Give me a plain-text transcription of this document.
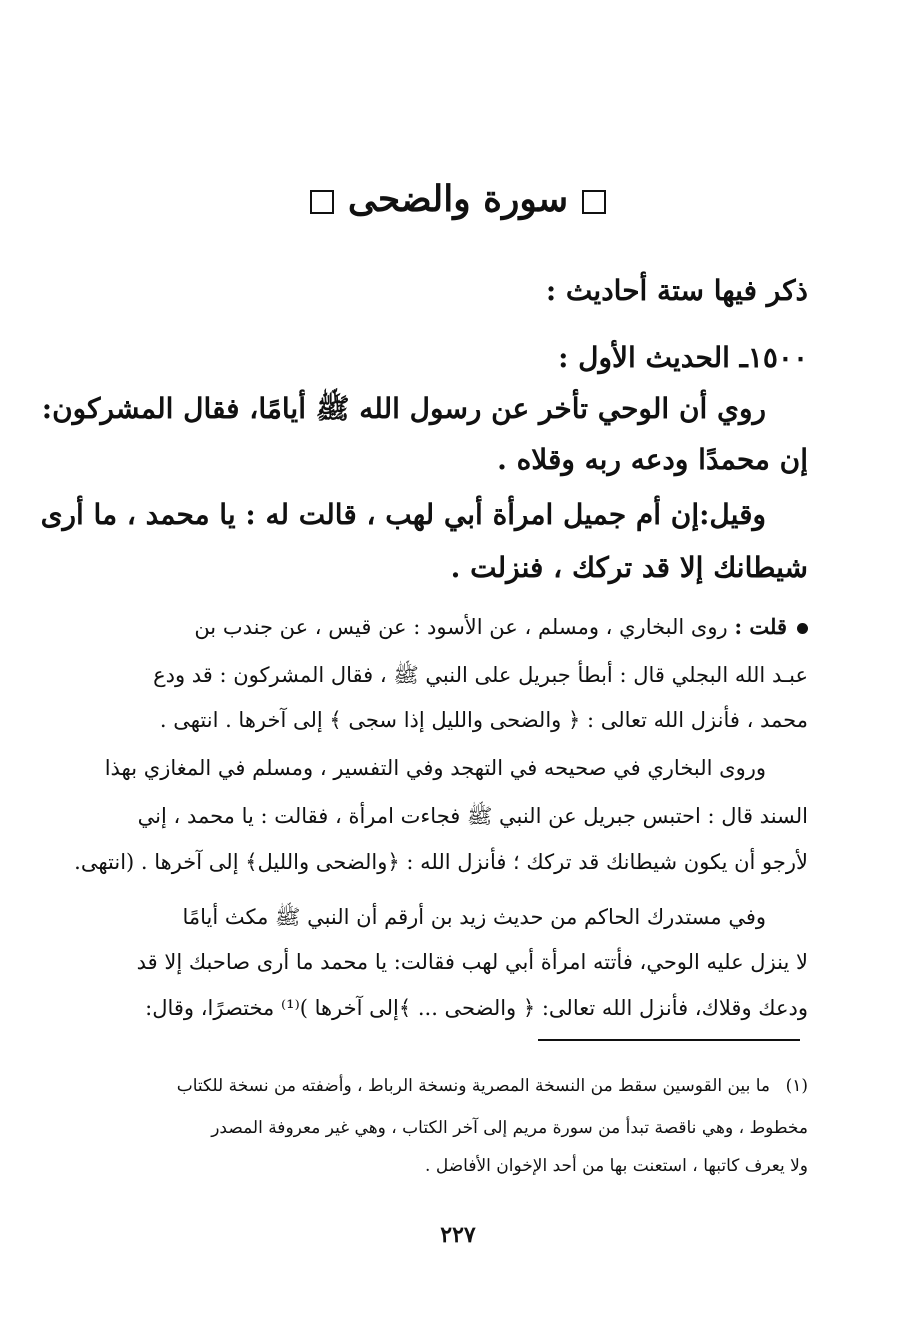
سورة والضحى
ذكر فيها ستة أحاديث :
١٥٠٠ـ الحديث الأول :
روي أن الوحي تأخر عن رسول الله ﷺ أيامًا، فقال المشركون:
إن محمدًا ودعه ربه وقلاه .
وقيل:إن أم جميل امرأة أبي لهب ، قالت له : يا محمد ، ما أرى
شيطانك إلا قد تركك ، فنزلت .
قلت : روى البخاري ، ومسلم ، عن الأسود : عن قيس ، عن جندب بن
عبـد الله البجلي قال : أبطأ جبريل على النبي ﷺ ، فقال المشركون : قد ودع
محمد ، فأنزل الله تعالى : ﴿ والضحى والليل إذا سجى ﴾ إلى آخرها . انتهى .
وروى البخاري في صحيحه في التهجد وفي التفسير ، ومسلم في المغازي بهذا
السند قال : احتبس جبريل عن النبي ﷺ فجاءت امرأة ، فقالت : يا محمد ، إني
لأرجو أن يكون شيطانك قد تركك ؛ فأنزل الله : ﴿والضحى والليل﴾ إلى آخرها . (انتهى.
وفي مستدرك الحاكم من حديث زيد بن أرقم أن النبي ﷺ مكث أيامًا
لا ينزل عليه الوحي، فأتته امرأة أبي لهب فقالت: يا محمد ما أرى صاحبك إلا قد
ودعك وقلاك، فأنزل الله تعالى: ﴿ والضحى ... ﴾إلى آخرها )⁽¹⁾ مختصرًا، وقال:
ما بين القوسين سقط من النسخة المصرية ونسخة الرباط ، وأضفته من نسخة للكتاب (١)
مخطوط ، وهي ناقصة تبدأ من سورة مريم إلى آخر الكتاب ، وهي غير معروفة المصدر
ولا يعرف كاتبها ، استعنت بها من أحد الإخوان الأفاضل .
٢٢٧
